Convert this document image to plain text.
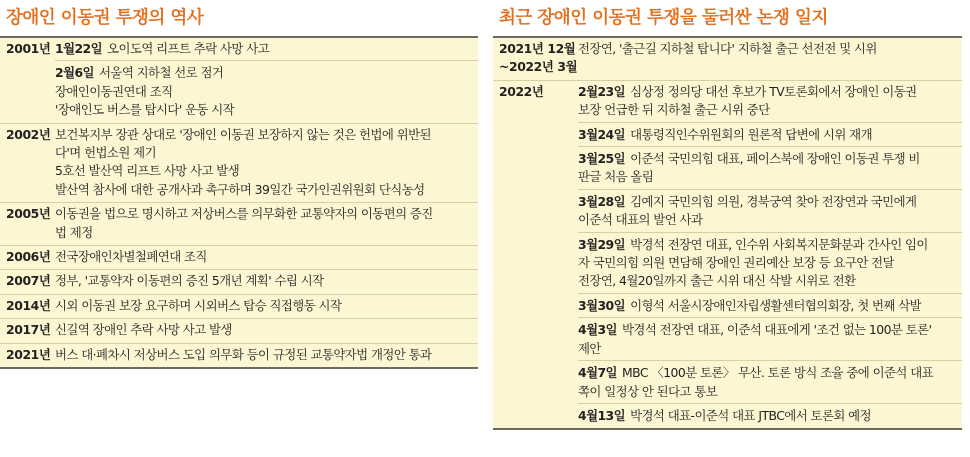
장애인 이동권 투쟁의 역사
2001년 1월22일 오이도역 리프트 추락 사망 사고
2월6일 서울역 지하철 선로 점거
장애인이동권연대 조직
'장애인도 버스를 탑시다' 운동 시작
2002년 보건복지부 장관 상대로 '장애인 이동권 보장하지 않는 것은 헌법에 위반된
다'며 헌법소원 제기
5호선 발산역 리프트 사망 사고 발생
발산역 참사에 대한 공개사과 촉구하며 39일간 국가인권위원회 단식농성
2005년 이동권을 법으로 명시하고 저상버스를 의무화한 교통약자의 이동편의 증진
법 제정
2006년 전국장애인차별철폐연대 조직
2007년 정부, '교통약자 이동편의 증진 5개년 계획' 수립 시작
2014년 시외 이동권 보장 요구하며 시외버스 탑승 직접행동 시작
2017년 신길역 장애인 추락 사망 사고 발생
2021년 버스 대·폐차시 저상버스 도입 의무화 등이 규정된 교통약자법 개정안 통과
최근 장애인 이동권 투쟁을 둘러싼 논쟁 일지
2021년 12월
~2022년 3월
전장연, '출근길 지하철 탑니다' 지하철 출근 선전전 및 시위
2022년	2월23일 심상정 정의당 대선 후보가 TV토론회에서 장애인 이동권
보장 언급한 뒤 지하철 출근 시위 중단
3월24일 대통령직인수위원회의 원론적 답변에 시위 재개
3월25일 이준석 국민의힘 대표, 페이스북에 장애인 이동권 투쟁 비
판글 처음 올림
3월28일 김예지 국민의힘 의원, 경북궁역 찾아 전장연과 국민에게
이준석 대표의 발언 사과
3월29일 박경석 전장연 대표, 인수위 사회복지문화분과 간사인 임이
자 국민의힘 의원 면담해 장애인 권리예산 보장 등 요구안 전달
전장연, 4월20일까지 출근 시위 대신 삭발 시위로 전환
3월30일 이형석 서울시장애인자립생활센터협의회장, 첫 번째 삭발
4월3일 박경석 전장연 대표, 이준석 대표에게 '조건 없는 100분 토론'
제안
4월7일 MBC 〈100분 토론〉 무산. 토론 방식 조율 중에 이준석 대표
쪽이 일정상 안 된다고 통보
4월13일 박경석 대표-이준석 대표 JTBC에서 토론회 예정
